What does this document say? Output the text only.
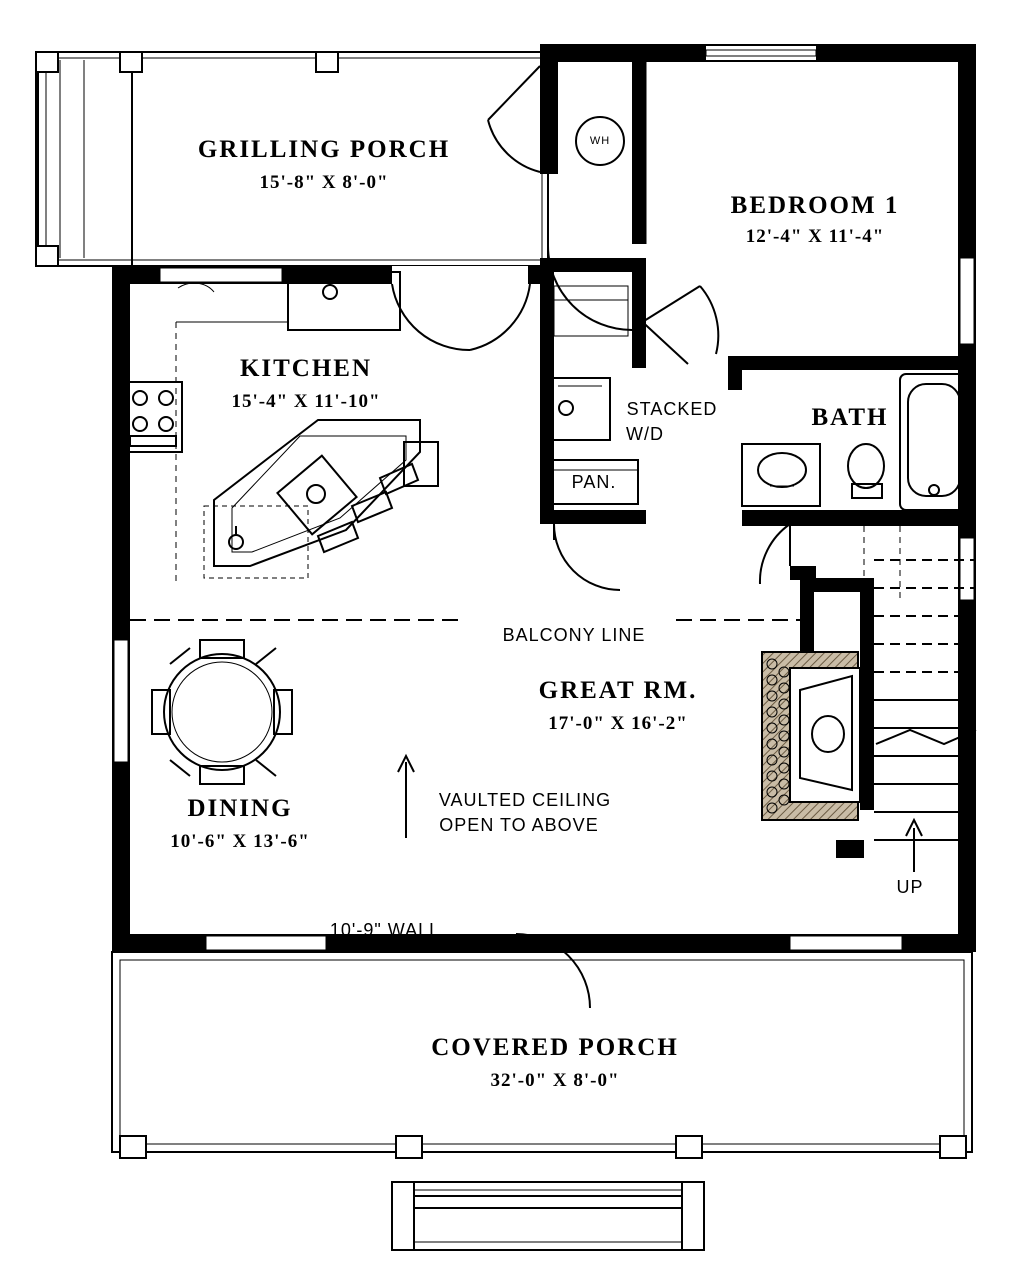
GRILLING PORCH
15'-8" X 8'-0"
BEDROOM 1
12'-4" X 11'-4"
KITCHEN
15'-4" X 11'-10"
BATH
GREAT RM.
17'-0" X 16'-2"
DINING
10'-6" X 13'-6"
COVERED PORCH
32'-0" X 8'-0"
WH
STACKED
W/D
PAN.
BALCONY LINE
VAULTED CEILING
OPEN TO ABOVE
10'-9" WALL
UP
